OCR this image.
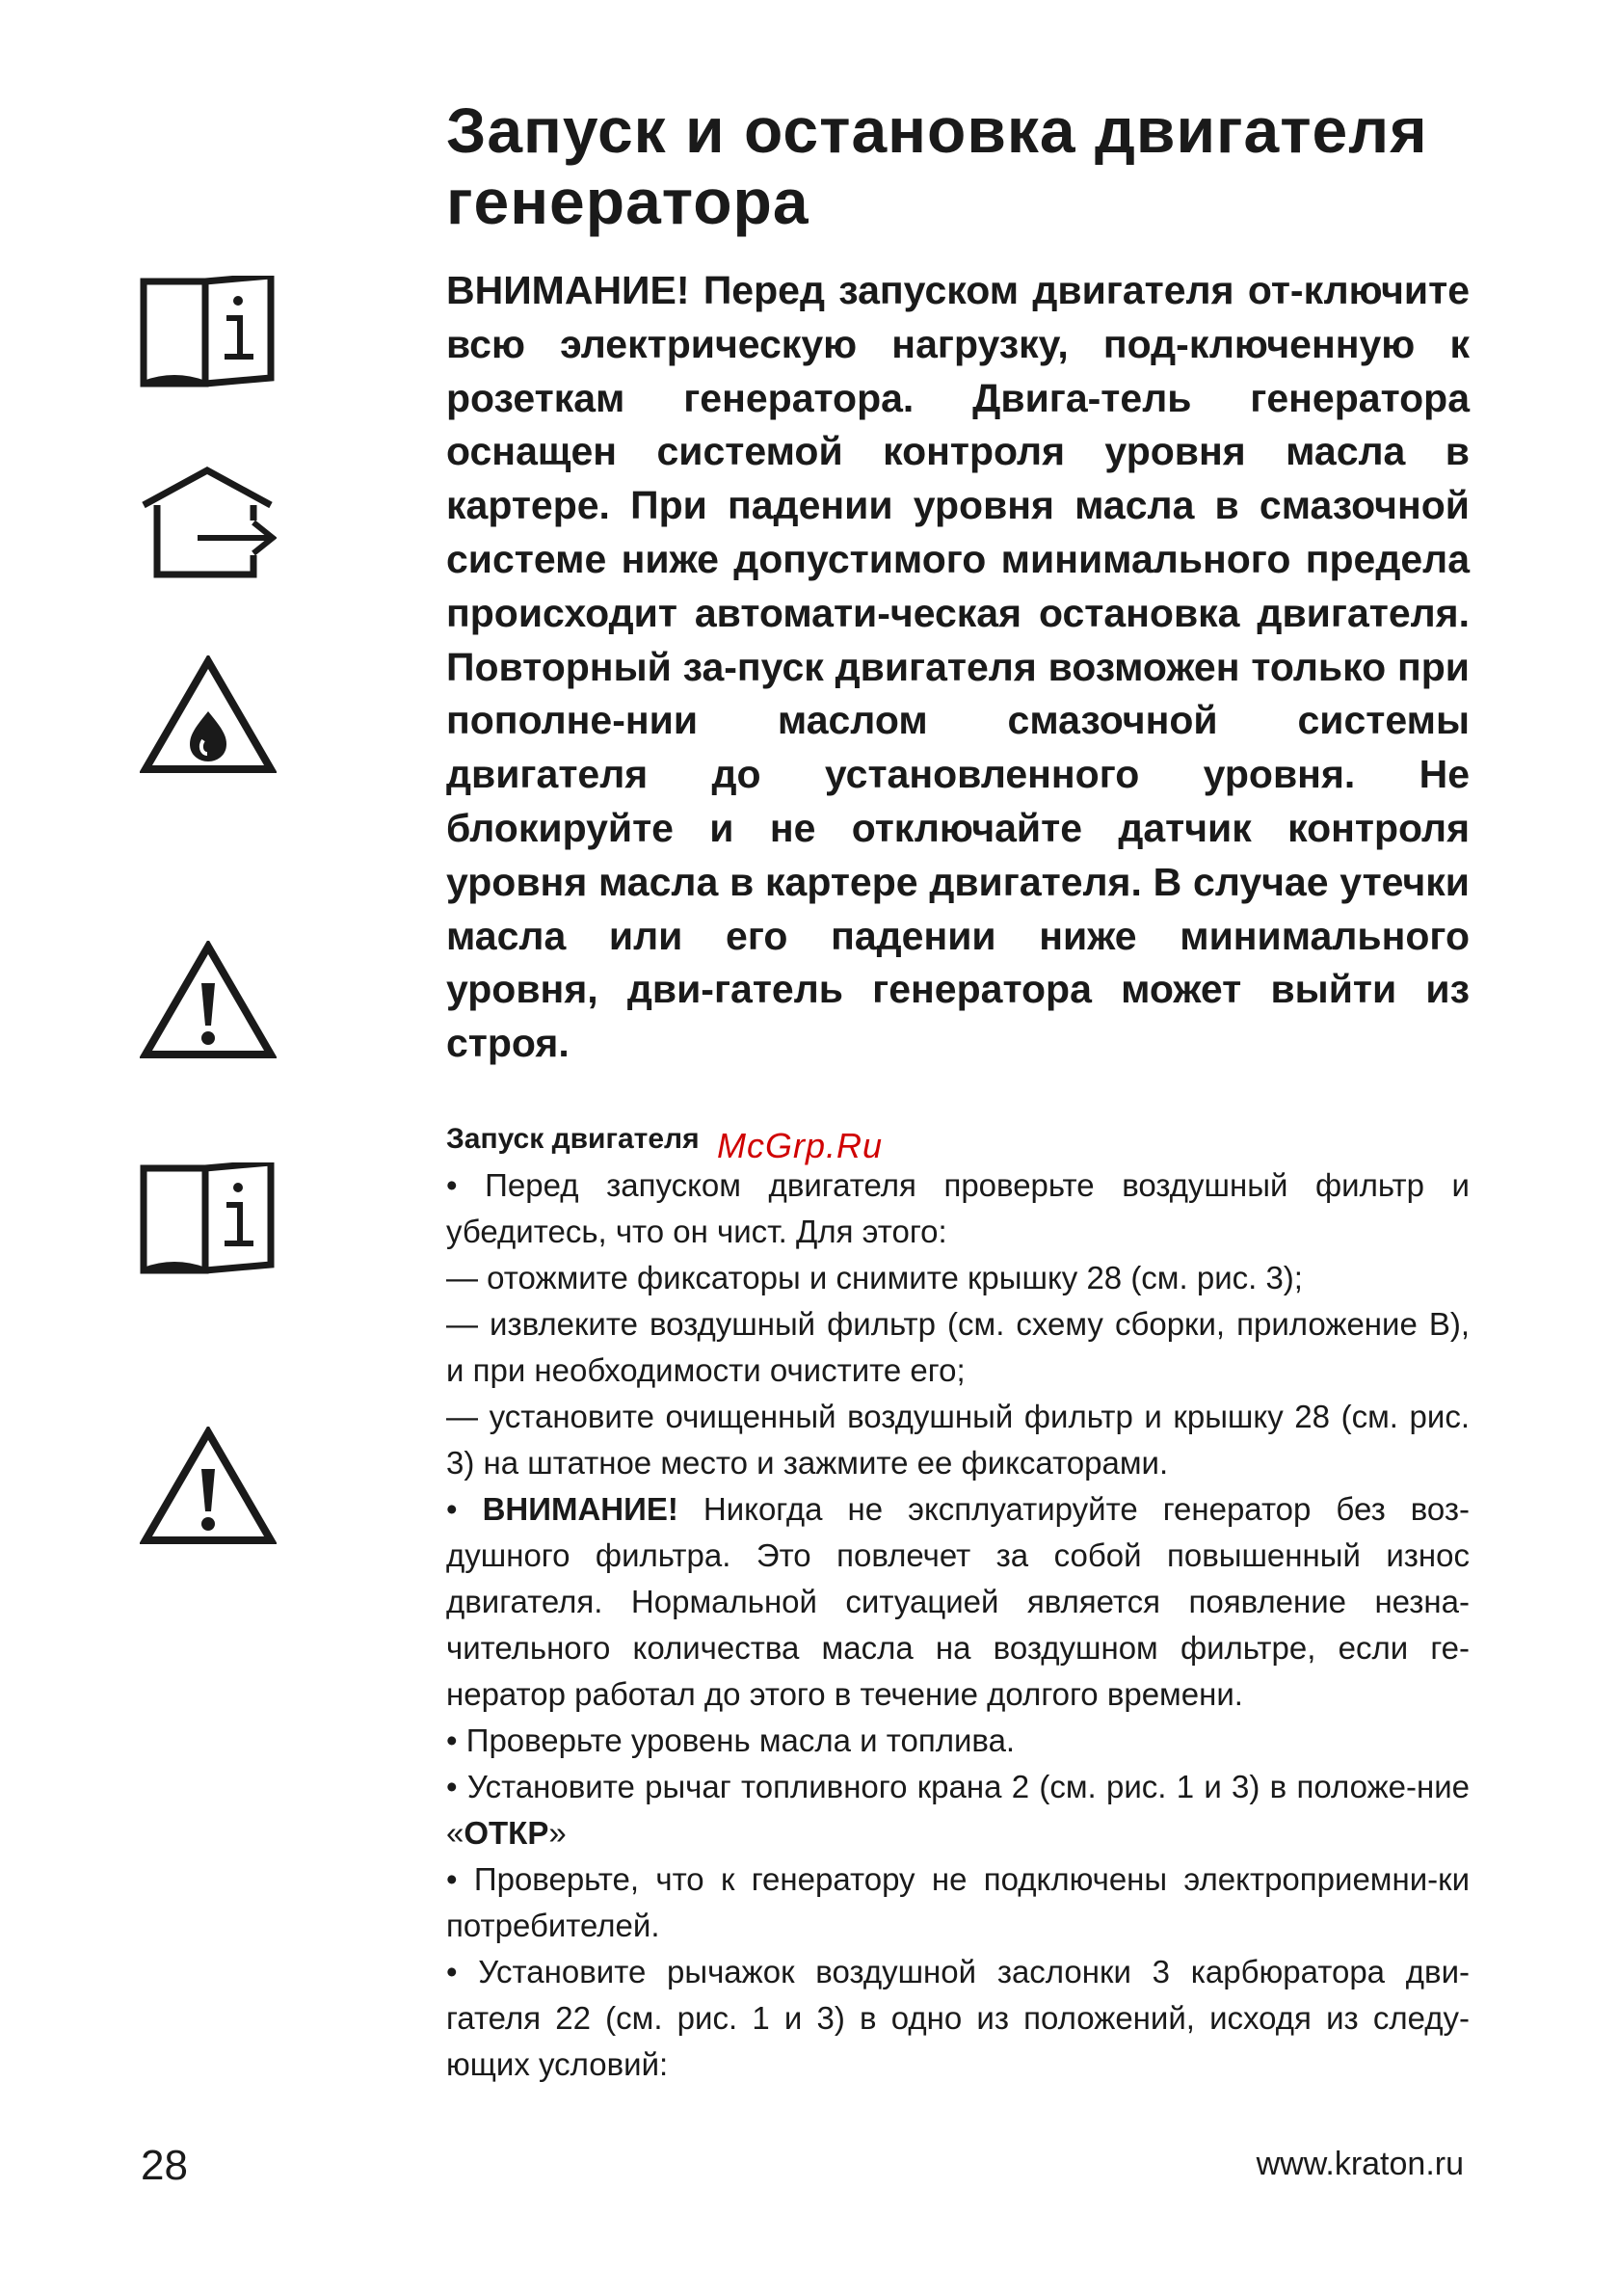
Запуск и остановка двигателя генератора

ВНИМАНИЕ! Перед запуском двигателя от-ключите всю электрическую нагрузку, под-ключенную к розеткам генератора. Двига-тель генератора оснащен системой контроля уровня масла в картере. При падении уровня масла в смазочной системе ниже допустимого минимального предела происходит автомати-ческая остановка двигателя. Повторный за-пуск двигателя возможен только при пополне-нии маслом смазочной системы двигателя до установленного уровня. Не блокируйте и не отключайте датчик контроля уровня масла в картере двигателя. В случае утечки масла или его падении ниже минимального уровня, дви-гатель генератора может выйти из строя.

McGrp.Ru

Запуск двигателя

• Перед запуском двигателя проверьте воздушный фильтр и убедитесь, что он чист. Для этого:

— отожмите фиксаторы и снимите крышку 28 (см. рис. 3);

— извлеките воздушный фильтр (см. схему сборки, приложение В), и при необходимости очистите его;

— установите очищенный воздушный фильтр и крышку 28 (см. рис. 3) на штатное место и зажмите ее фиксаторами.

• ВНИМАНИЕ! Никогда не эксплуатируйте генератор без воз-душного фильтра. Это повлечет за собой повышенный износ двигателя. Нормальной ситуацией является появление незна-чительного количества масла на воздушном фильтре, если ге-нератор работал до этого в течение долгого времени.

• Проверьте уровень масла и топлива.

• Установите рычаг топливного крана 2 (см. рис. 1 и 3) в положе-ние «ОТКР»

• Проверьте, что к генератору не подключены электроприемни-ки потребителей.

• Установите рычажок воздушной заслонки 3 карбюратора дви-гателя 22 (см. рис. 1 и 3) в одно из положений, исходя из следу-ющих условий:

28	www.kraton.ru
